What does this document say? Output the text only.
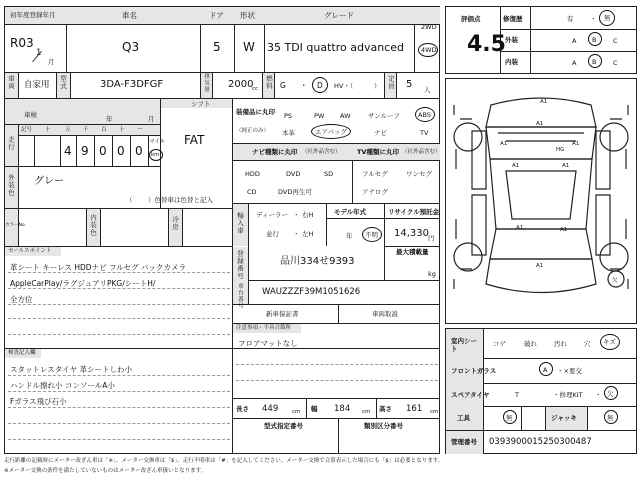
初年度登録年月
R03
1
月
車名
Q3
ドア
5
形状
W
グレード
35 TDI quattro advanced
2WD
4WD
車両 自家用 型式	3DA-F3DFGF	排気量 2000
cc 燃料 G ・ D HV・（	） 定員 5 人
車検	年	月
シフト
FAT
記号 十	万 千 百 十 一
走行	4 9 0 0 0
マイル
km
外装色 グレー
（ ）色替車は色替と記入
カラーNo.	内装色	冷房
装備品に丸印
（純正のみ）
PS	PW AW	サンルーフ	ABS
本革	エアバッグ	ナビ	TV
ナビ種類に丸印 （社外品含む）	TV種類に丸印 （社外品含む）
HDD	DVD	SD
CD	DVD再生可
フルセグ	ワンセグ
アナログ
輸入車 ディーラー
並行
右H
左H
・
・
モデル年式
年 不明
リサイクル預託金
14,330 円
セールスポイント
革シート キーレス HDDナビ フルセグ バックカメラ
AppleCarPlay/ラグジュアリPKG/シートH/
全方位
登録番号	品川334せ9393
最大積載量
kg
車台番号 WAUZZZF39M1051626
新車保証書	車両取説
注意事項・不具合箇所
フロアマットなし
検査記入欄
スタットレスタイヤ 革シートしわ小
ハンドル擦れ小 コンソールA小
Fガラス飛び石小
長さ 449	cm 幅 184 cm 高さ 161 cm
型式指定番号	類別区分番号
評価点
4.5
修復歴	有	・ 無
外装	A B	C
内装	A B	C
A1
A1
A1	A1
A1	A1
A1	A1
HG
A1
欠
室内シート
コゲ	破れ	汚れ	穴 キズ
フロントガラス	A ・×要交
スペアタイヤ	T	・修理KIT ・ 欠
工具	無	ジャッキ	無
管理番号 0393900015250300487
走行距離の記載時にメーター改ざん車は「※」、メーター交換車は「$」、走行不明車は「#」を記入してください。メーター交換で合算表示した場合にも「$」は必要となります。
※メーター交換の条件を満たしていないものはメーター改ざん車扱いとなります。
